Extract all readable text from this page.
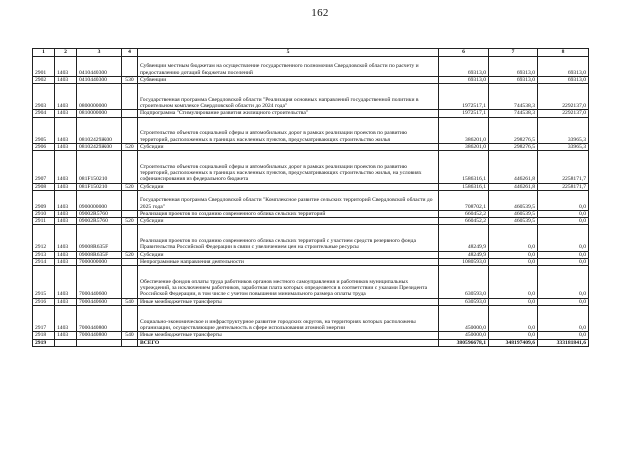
162
1	2	3	4	5	6	7	8
2901	1403	0410440300		Субвенции местным бюджетам на осуществление государственного полномочия Свердловской области по расчету и предоставлению дотаций бюджетам поселений	69313,0	69313,0	69313,0
2902	1403	0410440300	530	Субвенции	69313,0	69313,0	69313,0
2903	1403	0800000000		Государственная программа Свердловской области "Реализация основных направлений государственной политики в строительном комплексе Свердловской области до 2024 года"	1972517,1	744538,3	2292137,0
2904	1403	0810000000		Подпрограмма "Стимулирование развития жилищного строительства"	1972517,1	744538,3	2292137,0
2905	1403	08102429Ж00		Строительство объектов социальной сферы и автомобильных дорог в рамках реализации проектов по развитию территорий, расположенных в границах населенных пунктов, предусматривающих строительство жилья	386201,0	298276,5	33965,3
2906	1403	08102429Ж00	520	Субсидии	386201,0	298276,5	33965,3
2907	1403	081F150210		Строительство объектов социальной сферы и автомобильных дорог в рамках реализации проектов по развитию территорий, расположенных в границах населенных пунктов, предусматривающих строительство жилья, на условиях софинансирования из федерального бюджета	1586316,1	446261,8	2258171,7
2908	1403	081F150210	520	Субсидии	1586316,1	446261,8	2258171,7
2909	1403	0900000000		Государственная программа Свердловской области "Комплексное развитие сельских территорий Свердловской области до 2025 года"	708702,1	460539,5	0,0
2910	1403	09002R5760		Реализация проектов по созданию современного облика сельских территорий	660452,2	460539,5	0,0
2911	1403	09002R5760	520	Субсидии	660452,2	460539,5	0,0
2912	1403	09008R635F		Реализация проектов по созданию современного облика сельских территорий с участием средств резервного фонда Правительства Российской Федерации в связи с увеличением цен на строительные ресурсы	48249,9	0,0	0,0
2913	1403	09008R635F	520	Субсидии	48249,9	0,0	0,0
2914	1403	7000000000		Непрограммные направления деятельности	1080593,0	0,0	0,0
2915	1403	7000440600		Обеспечение фондов оплаты труда работников органов местного самоуправления и работников муниципальных учреждений, за исключением работников, заработная плата которых определяется в соответствии с указами Президента Российской Федерации, в том числе с учетом повышения минимального размера оплаты труда	630593,0	0,0	0,0
2916	1403	7000440600	540	Иные межбюджетные трансферты	630593,0	0,0	0,0
2917	1403	7000440800		Социально-экономическое и инфраструктурное развитие городских округов, на территориях которых расположены организации, осуществляющие деятельность в сфере использования атомной энергии	450000,0	0,0	0,0
2918	1403	7000440800	540	Иные межбюджетные трансферты	450000,0	0,0	0,0
2919				ВСЕГО	380596678,1	348197409,6	333181841,6
